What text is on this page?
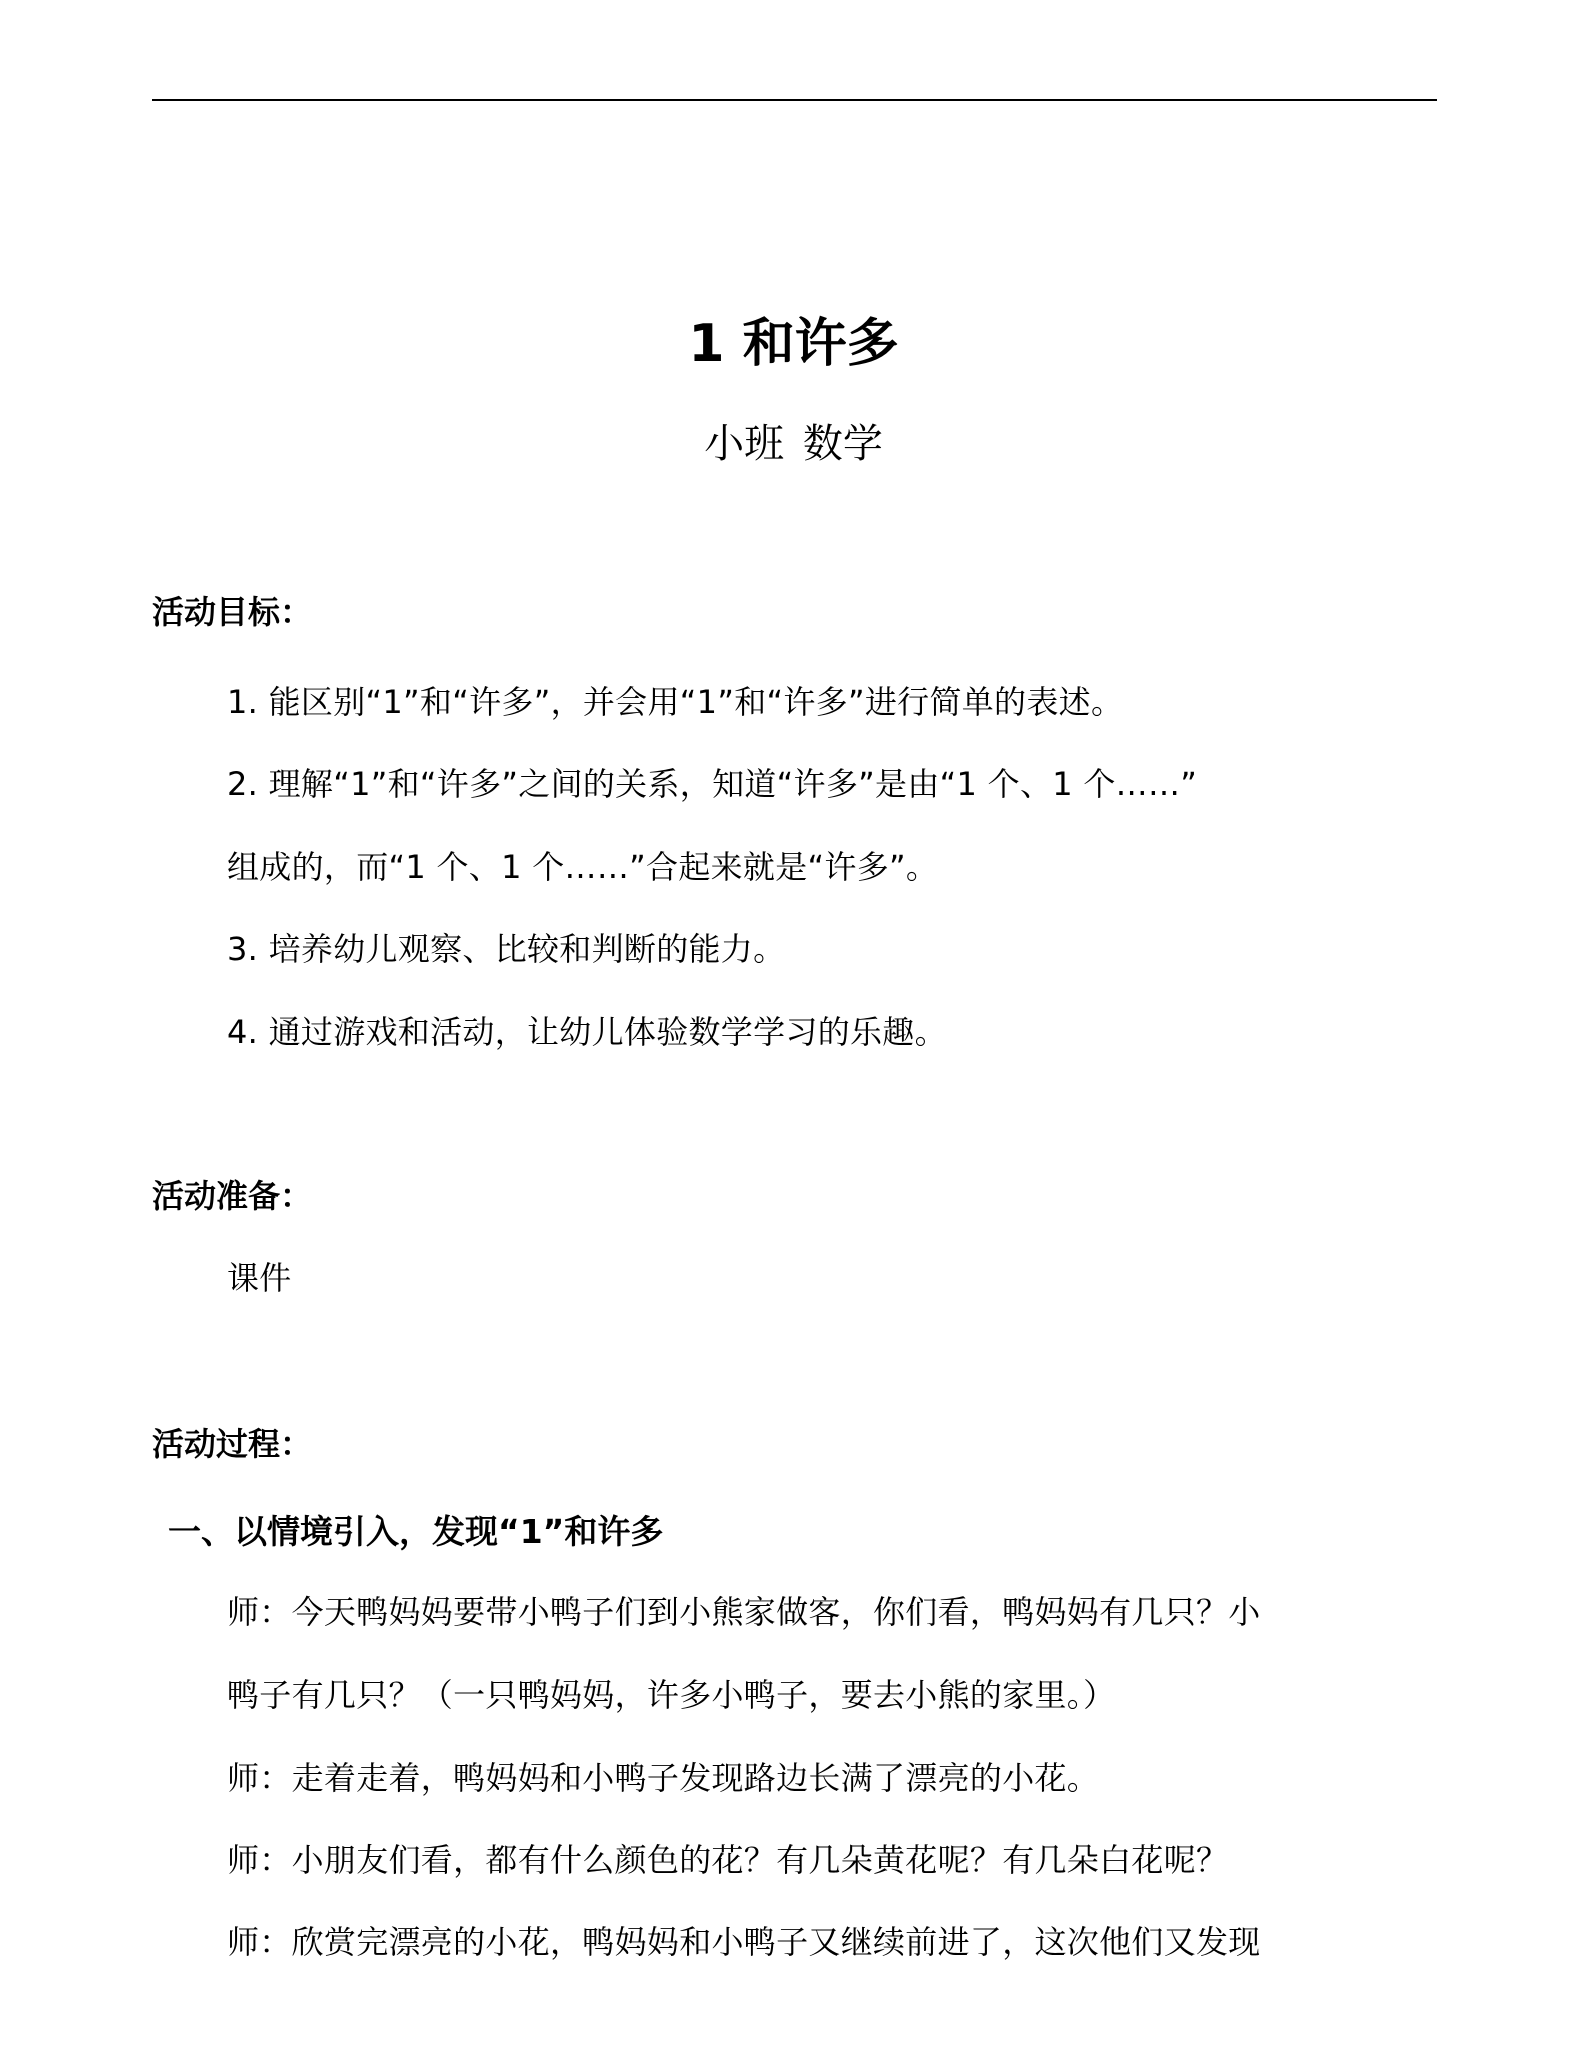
1 和许多
小班 数学
活动目标：
1. 能区别“1”和“许多”，并会用“1”和“许多”进行简单的表述。
2. 理解“1”和“许多”之间的关系，知道“许多”是由“1 个、1 个……”
组成的，而“1 个、1 个……”合起来就是“许多”。
3. 培养幼儿观察、比较和判断的能力。
4. 通过游戏和活动，让幼儿体验数学学习的乐趣。
活动准备：
课件
活动过程：
一、以情境引入，发现“1”和许多
师：今天鸭妈妈要带小鸭子们到小熊家做客，你们看，鸭妈妈有几只？小
鸭子有几只？（一只鸭妈妈，许多小鸭子，要去小熊的家里。）
师：走着走着，鸭妈妈和小鸭子发现路边长满了漂亮的小花。
师：小朋友们看，都有什么颜色的花？有几朵黄花呢？有几朵白花呢？
师：欣赏完漂亮的小花，鸭妈妈和小鸭子又继续前进了，这次他们又发现
